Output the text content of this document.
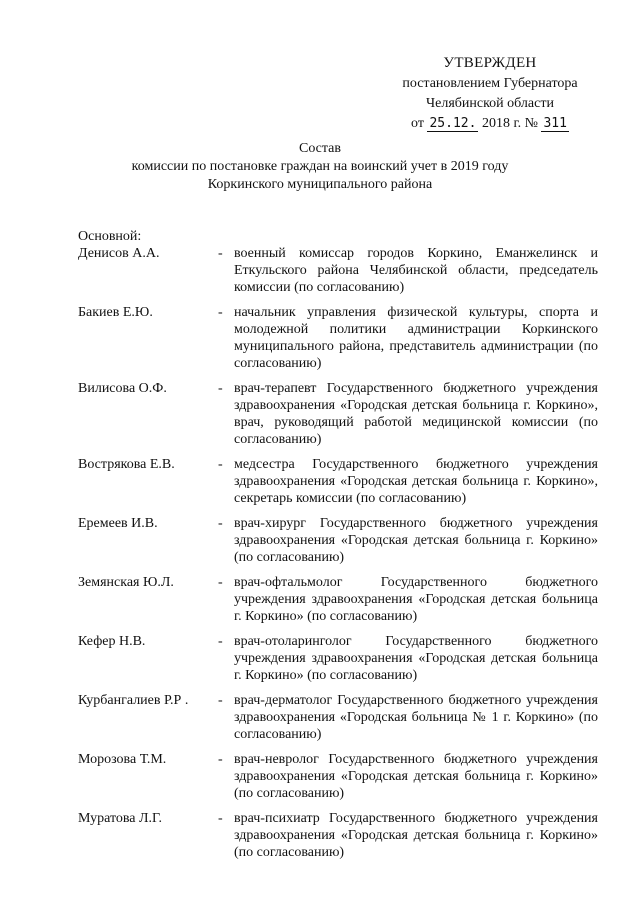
УТВЕРЖДЕН
постановлением Губернатора
Челябинской области
от 25.12. 2018 г. № 311
Состав
комиссии по постановке граждан на воинский учет в 2019 году
Коркинского муниципального района
Основной:
Денисов А.А.	- военный комиссар городов Коркино, Еманжелинск и Еткульского района Челябинской области, председатель комиссии (по согласованию)
Бакиев Е.Ю.	- начальник управления физической культуры, спорта и молодежной политики администрации Коркинского муниципального района, представитель администрации (по согласованию)
Вилисова О.Ф.	- врач-терапевт Государственного бюджетного учреждения здравоохранения «Городская детская больница г. Коркино», врач, руководящий работой медицинской комиссии (по согласованию)
Вострякова Е.В.	- медсестра Государственного бюджетного учреждения здравоохранения «Городская детская больница г. Коркино», секретарь комиссии (по согласованию)
Еремеев И.В.	- врач-хирург Государственного бюджетного учреждения здравоохранения «Городская детская больница г. Коркино» (по согласованию)
Земянская Ю.Л.	- врач-офтальмолог Государственного бюджетного учреждения здравоохранения «Городская детская больница г. Коркино» (по согласованию)
Кефер Н.В.	- врач-отоларинголог Государственного бюджетного учреждения здравоохранения «Городская детская больница г. Коркино» (по согласованию)
Курбангалиев Р.Р .	- врач-дерматолог Государственного бюджетного учреждения здравоохранения «Городская больница № 1 г. Коркино» (по согласованию)
Морозова Т.М.	- врач-невролог Государственного бюджетного учреждения здравоохранения «Городская детская больница г. Коркино» (по согласованию)
Муратова Л.Г.	- врач-психиатр Государственного бюджетного учреждения здравоохранения «Городская детская больница г. Коркино» (по согласованию)
